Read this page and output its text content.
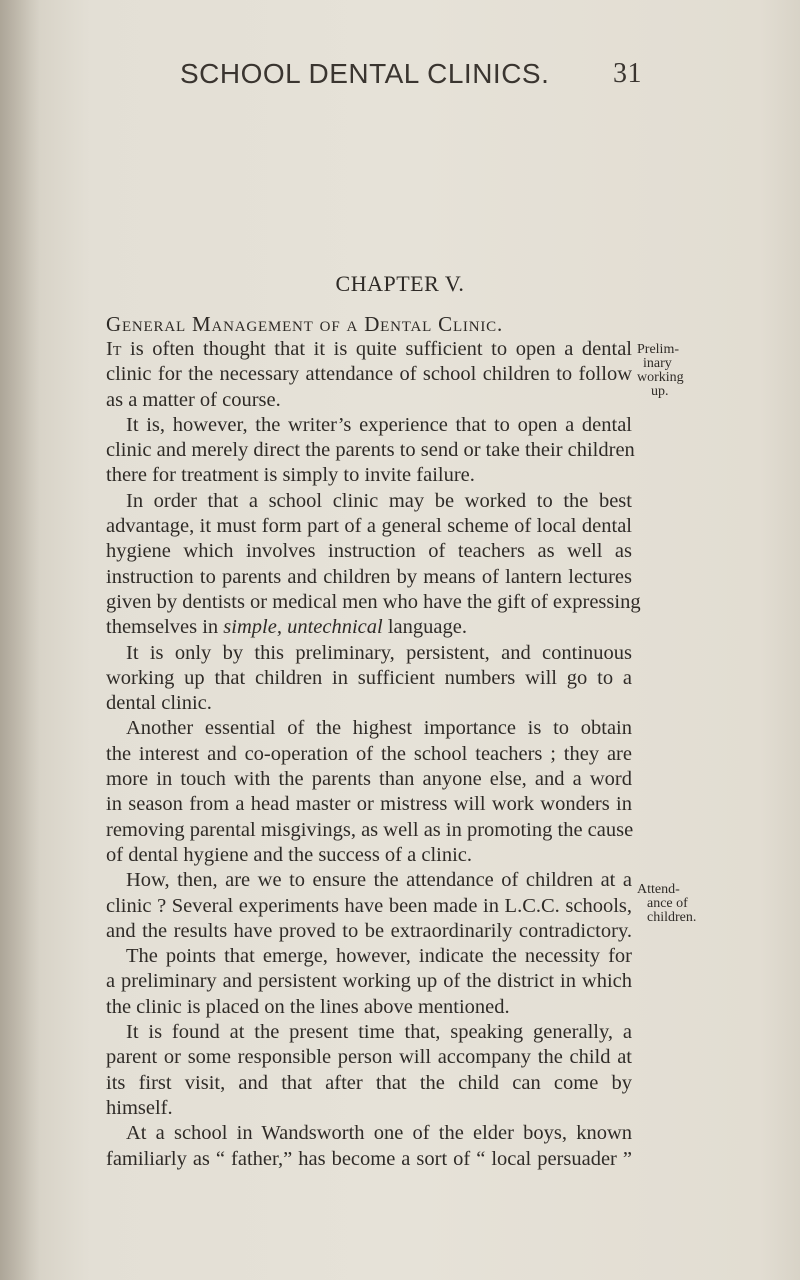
SCHOOL DENTAL CLINICS. 31
CHAPTER V.
General Management of a Dental Clinic.
It is often thought that it is quite sufficient to open a dental
clinic for the necessary attendance of school children to follow
as a matter of course.
It is, however, the writer’s experience that to open a dental
clinic and merely direct the parents to send or take their children
there for treatment is simply to invite failure.
In order that a school clinic may be worked to the best
advantage, it must form part of a general scheme of local dental
hygiene which involves instruction of teachers as well as
instruction to parents and children by means of lantern lectures
given by dentists or medical men who have the gift of expressing
themselves in simple, untechnical language.
It is only by this preliminary, persistent, and continuous
working up that children in sufficient numbers will go to a
dental clinic.
Another essential of the highest importance is to obtain
the interest and co-operation of the school teachers ; they are
more in touch with the parents than anyone else, and a word
in season from a head master or mistress will work wonders in
removing parental misgivings, as well as in promoting the cause
of dental hygiene and the success of a clinic.
How, then, are we to ensure the attendance of children at a
clinic ? Several experiments have been made in L.C.C. schools,
and the results have proved to be extraordinarily contradictory.
The points that emerge, however, indicate the necessity for
a preliminary and persistent working up of the district in which
the clinic is placed on the lines above mentioned.
It is found at the present time that, speaking generally, a
parent or some responsible person will accompany the child at
its first visit, and that after that the child can come by
himself.
At a school in Wandsworth one of the elder boys, known
familiarly as “ father,” has become a sort of “ local persuader ”
Prelim-
inary
working
up.
Attend-
ance of
children.
